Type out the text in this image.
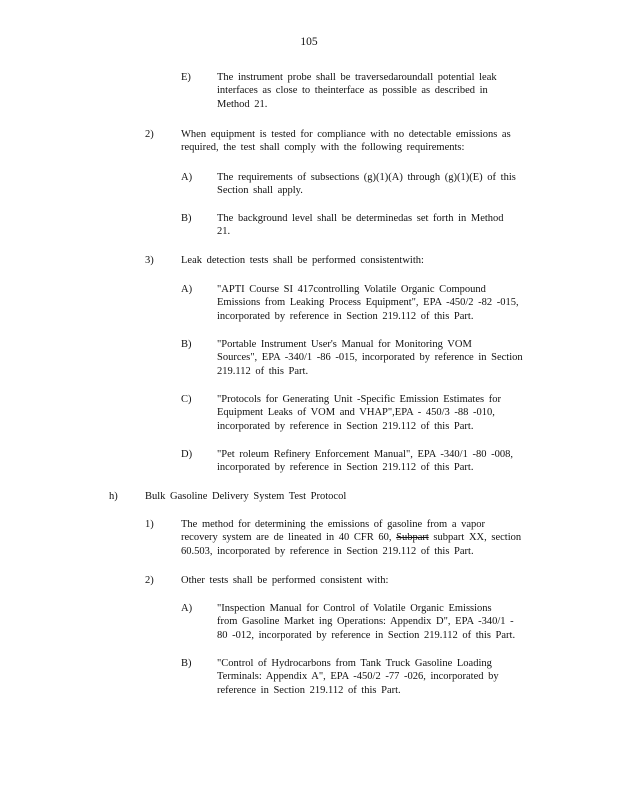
105
E) The instrument probe shall be traversedaroundall potential leak
interfaces as close to theinterface as possible as described in
Method 21.
2)	When equipment is tested for compliance with no detectable emissions as
required, the test shall comply with the following requirements:
A) The requirements of subsections (g)(1)(A) through (g)(1)(E) of this
Section shall apply.
B) The background level shall be determinedas set forth in Method
21.
3)	Leak detection tests shall be performed consistentwith:
A) "APTI Course SI 417controlling Volatile Organic Compound
Emissions from Leaking Process Equipment", EPA -450/2 -82 -015,
incorporated by reference in Section 219.112 of this Part.
B) "Portable Instrument User's Manual for Monitoring VOM
Sources", EPA -340/1 -86 -015, incorporated by reference in Section
219.112 of this Part.
C) "Protocols for Generating Unit -Specific Emission Estimates for
Equipment Leaks of VOM and VHAP",EPA - 450/3 -88 -010,
incorporated by reference in Section 219.112 of this Part.
D) "Pet roleum Refinery Enforcement Manual", EPA -340/1 -80 -008,
incorporated by reference in Section 219.112 of this Part.
h)	Bulk Gasoline Delivery System Test Protocol
1)	The method for determining the emissions of gasoline from a vapor
recovery system are de lineated in 40 CFR 60, Subpart subpart XX, section
60.503, incorporated by reference in Section 219.112 of this Part.
2)	Other tests shall be performed consistent with:
A) "Inspection Manual for Control of Volatile Organic Emissions
from Gasoline Market ing Operations: Appendix D", EPA -340/1 -
80 -012, incorporated by reference in Section 219.112 of this Part.
B) "Control of Hydrocarbons from Tank Truck Gasoline Loading
Terminals: Appendix A", EPA -450/2 -77 -026, incorporated by
reference in Section 219.112 of this Part.
